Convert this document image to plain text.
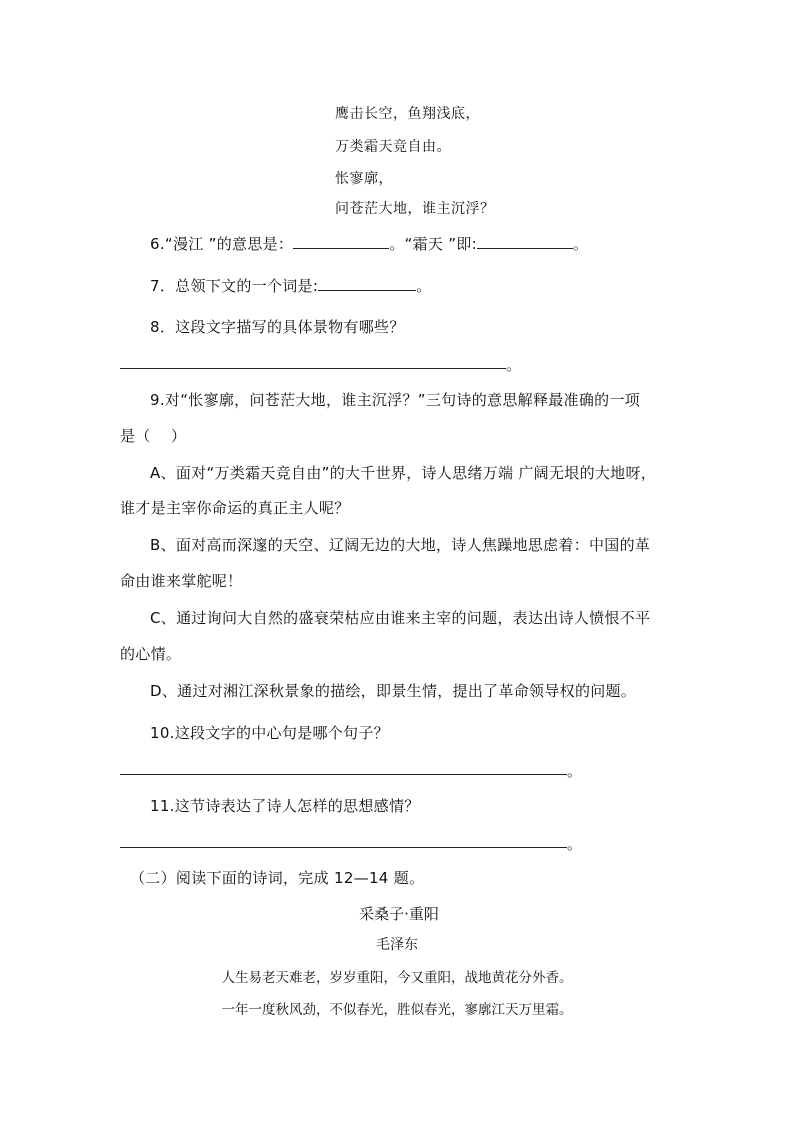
鹰击长空，鱼翔浅底，
万类霜天竞自由。
怅寥廓，
问苍茫大地，谁主沉浮？
6.“漫江 ”的意思是：	。“霜天 ”即:	。
7．总领下文的一个词是:	。
8．这段文字描写的具体景物有哪些？
。
9.对“怅寥廓，问苍茫大地，谁主沉浮？”三句诗的意思解释最准确的一项
是（　 ）
A、面对“万类霜天竞自由”的大千世界，诗人思绪万端 广阔无垠的大地呀，
谁才是主宰你命运的真正主人呢？
B、面对高而深邃的天空、辽阔无边的大地，诗人焦躁地思虑着：中国的革
命由谁来掌舵呢！
C、通过询问大自然的盛衰荣枯应由谁来主宰的问题，表达出诗人愤恨不平
的心情。
D、通过对湘江深秋景象的描绘，即景生情，提出了革命领导权的问题。
10.这段文字的中心句是哪个句子？
。
11.这节诗表达了诗人怎样的思想感情？
。
（二）阅读下面的诗词，完成 12—14 题。
采桑子·重阳
毛泽东
人生易老天难老，岁岁重阳，今又重阳，战地黄花分外香。
一年一度秋风劲，不似春光，胜似春光，寥廓江天万里霜。
